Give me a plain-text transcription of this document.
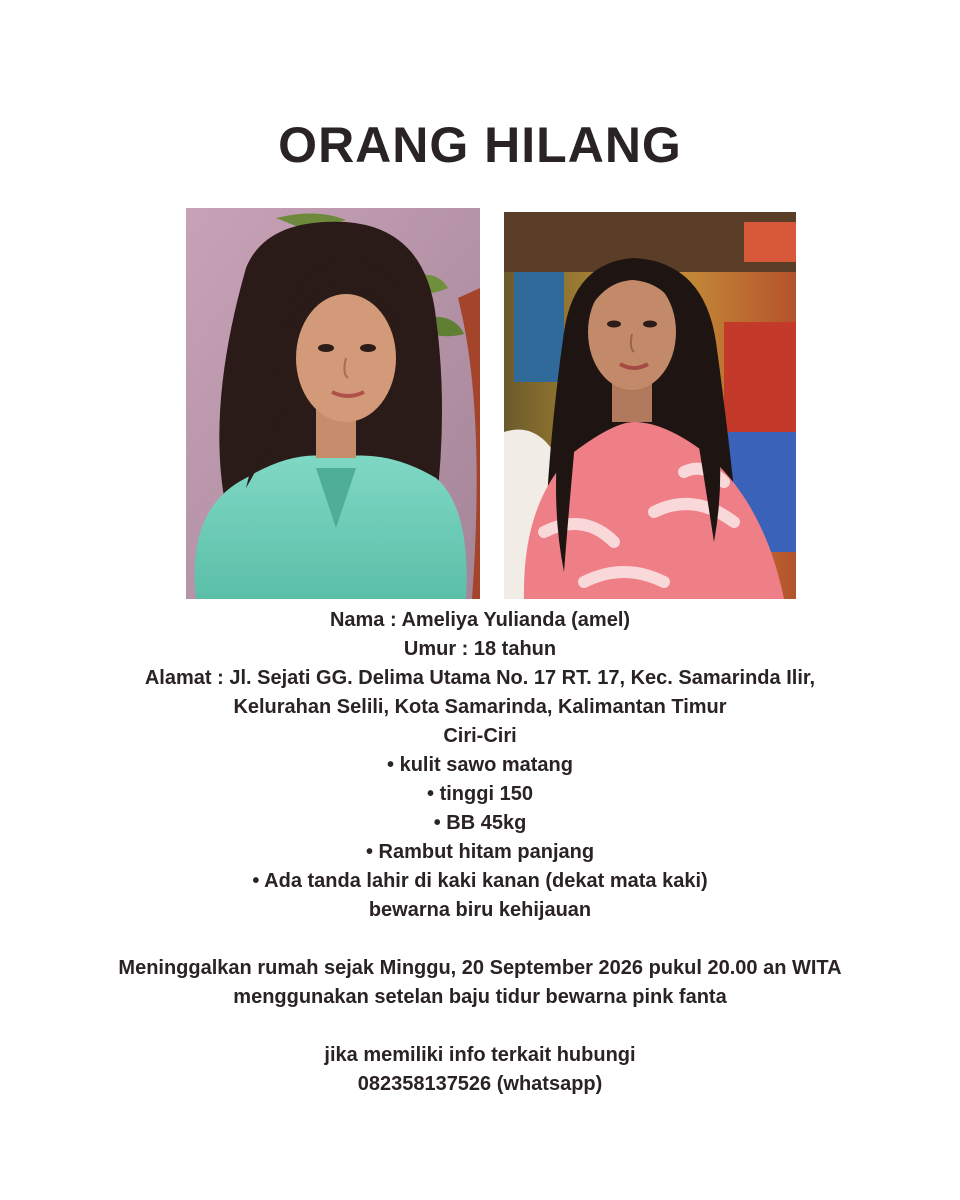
ORANG HILANG
Nama : Ameliya Yulianda (amel)
Umur : 18 tahun
Alamat : Jl. Sejati GG. Delima Utama No. 17 RT. 17, Kec. Samarinda Ilir,
Kelurahan Selili, Kota Samarinda, Kalimantan Timur
Ciri-Ciri
• kulit sawo matang
• tinggi 150
• BB 45kg
• Rambut hitam panjang
• Ada tanda lahir di kaki kanan (dekat mata kaki)
bewarna biru kehijauan
Meninggalkan rumah sejak Minggu, 20 September 2026 pukul 20.00 an WITA
menggunakan setelan baju tidur bewarna pink fanta
jika memiliki info terkait hubungi
082358137526 (whatsapp)
